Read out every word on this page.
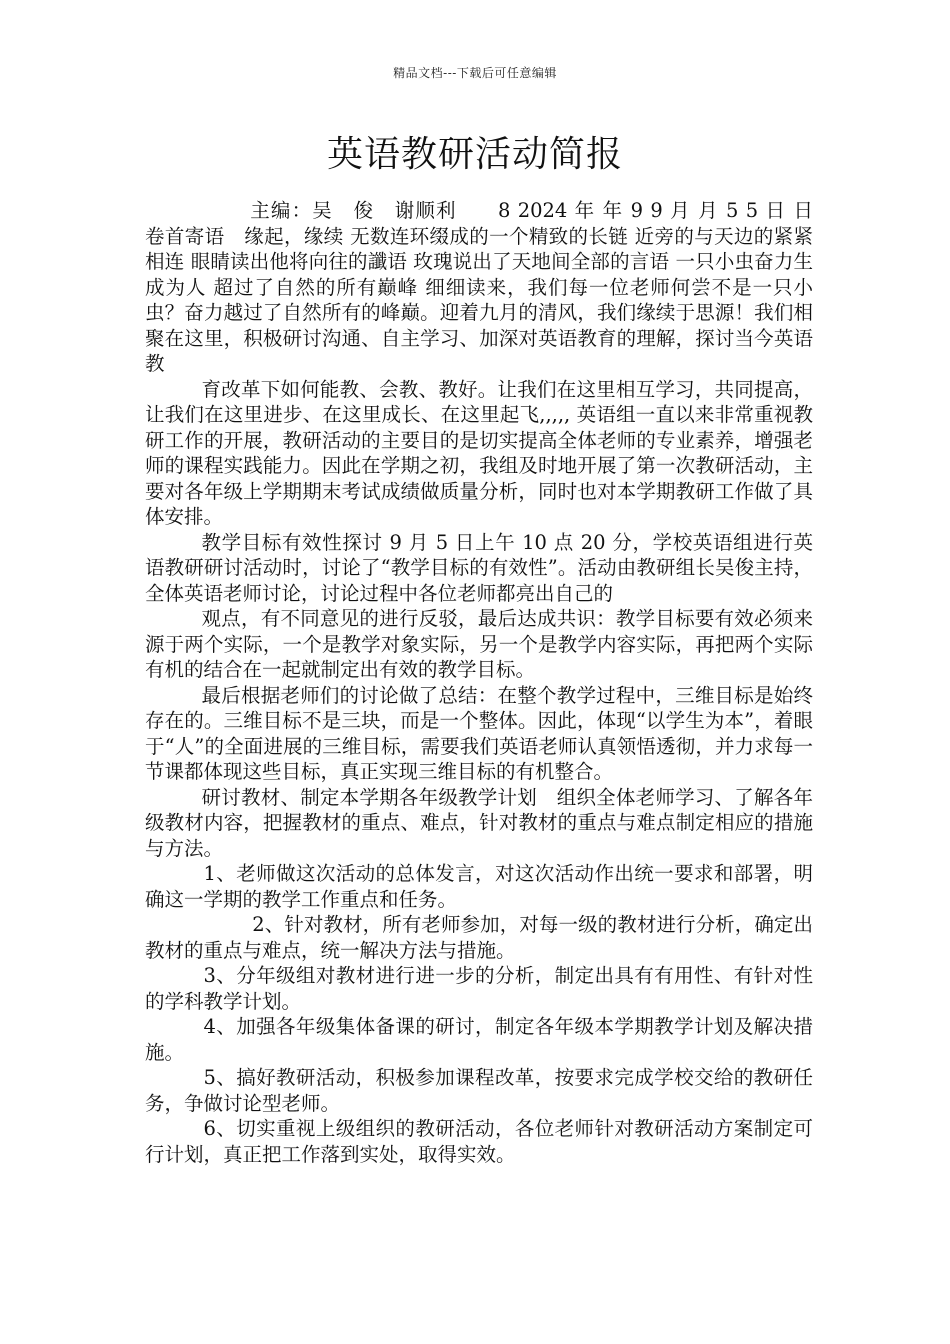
精品文档---下载后可任意编辑
英语教研活动简报

主编：吴　俊　谢顺利　　8 2024 年 年 9 9 月 月 5 5 日 日　　卷首寄语　缘起，缘续 无数连环缀成的一个精致的长链 近旁的与天边的紧紧相连 眼睛读出他将向往的讖语 玫瑰说出了天地间全部的言语 一只小虫奋力生成为人 超过了自然的所有巅峰 细细读来，我们每一位老师何尝不是一只小虫？奋力越过了自然所有的峰巅。迎着九月的清风，我们缘续于思源！我们相聚在这里，积极研讨沟通、自主学习、加深对英语教育的理解，探讨当今英语教

育改革下如何能教、会教、教好。让我们在这里相互学习，共同提高，让我们在这里进步、在这里成长、在这里起飞,,,,, 英语组一直以来非常重视教研工作的开展，教研活动的主要目的是切实提高全体老师的专业素养，增强老师的课程实践能力。因此在学期之初，我组及时地开展了第一次教研活动，主要对各年级上学期期末考试成绩做质量分析，同时也对本学期教研工作做了具体安排。

教学目标有效性探讨 9 月 5 日上午 10 点 20 分，学校英语组进行英语教研研讨活动时，讨论了“教学目标的有效性”。活动由教研组长吴俊主持，全体英语老师讨论，讨论过程中各位老师都亮出自己的

观点，有不同意见的进行反驳，最后达成共识：教学目标要有效必须来源于两个实际，一个是教学对象实际，另一个是教学内容实际，再把两个实际有机的结合在一起就制定出有效的教学目标。

最后根据老师们的讨论做了总结：在整个教学过程中，三维目标是始终存在的。三维目标不是三块，而是一个整体。因此，体现“以学生为本”，着眼于“人”的全面进展的三维目标，需要我们英语老师认真领悟透彻，并力求每一节课都体现这些目标，真正实现三维目标的有机整合。

研讨教材、制定本学期各年级教学计划　组织全体老师学习、了解各年级教材内容，把握教材的重点、难点，针对教材的重点与难点制定相应的措施与方法。

1、老师做这次活动的总体发言，对这次活动作出统一要求和部署，明确这一学期的教学工作重点和任务。

2、针对教材，所有老师参加，对每一级的教材进行分析，确定出教材的重点与难点，统一解决方法与措施。

3、分年级组对教材进行进一步的分析，制定出具有有用性、有针对性的学科教学计划。

4、加强各年级集体备课的研讨，制定各年级本学期教学计划及解决措施。

5、搞好教研活动，积极参加课程改革，按要求完成学校交给的教研任务，争做讨论型老师。

6、切实重视上级组织的教研活动，各位老师针对教研活动方案制定可行计划，真正把工作落到实处，取得实效。
